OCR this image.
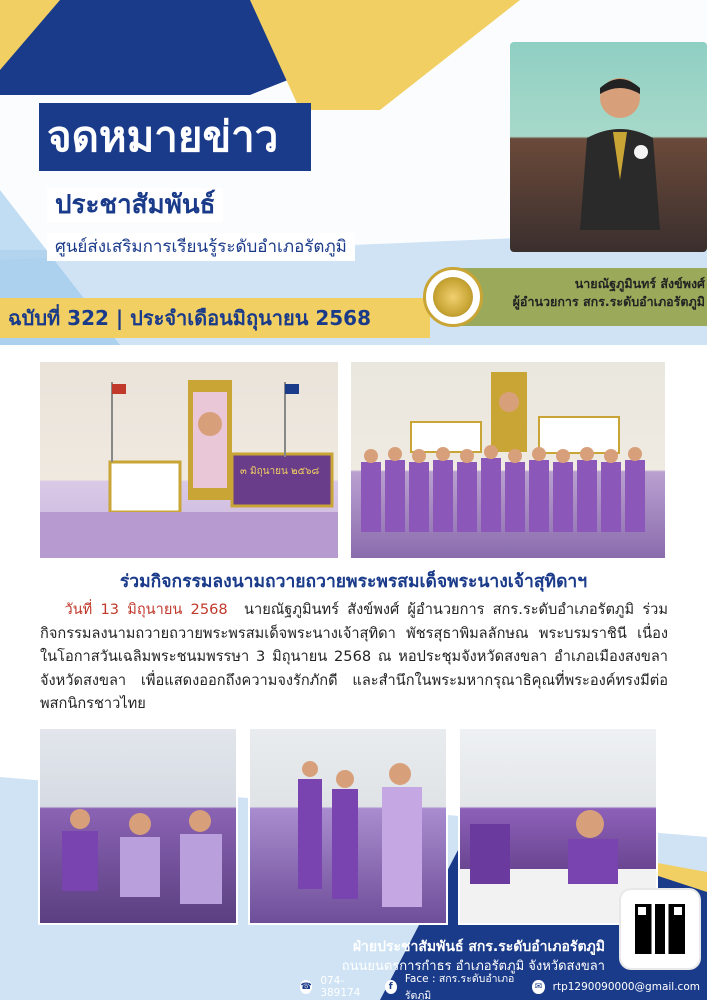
จดหมายข่าว
ประชาสัมพันธ์
ศูนย์ส่งเสริมการเรียนรู้ระดับอำเภอรัตภูมิ
ฉบับที่ 322 | ประจำเดือนมิถุนายน 2568
นายณัฐภูมินทร์ สังข์พงศ์
ผู้อำนวยการ สกร.ระดับอำเภอรัตภูมิ
๓ มิถุนายน ๒๕๖๘
ร่วมกิจกรรมลงนามถวายถวายพระพรสมเด็จพระนางเจ้าสุทิดาฯ
วันที่ 13 มิถุนายน 2568 นายณัฐภูมินทร์ สังข์พงศ์ ผู้อำนวยการ สกร.ระดับอำเภอรัตภูมิ ร่วมกิจกรรมลงนามถวายถวายพระพรสมเด็จพระนางเจ้าสุทิดา พัชรสุธาพิมลลักษณ พระบรมราชินี เนื่องในโอกาสวันเฉลิมพระชนมพรรษา 3 มิถุนายน 2568 ณ หอประชุมจังหวัดสงขลา อำเภอเมืองสงขลา จังหวัดสงขลา เพื่อแสดงออกถึงความจงรักภักดี และสำนึกในพระมหากรุณาธิคุณที่พระองค์ทรงมีต่อพสกนิกรชาวไทย
ฝ่ายประชาสัมพันธ์ สกร.ระดับอำเภอรัตภูมิ
ถนนยนตรการกำธร อำเภอรัตภูมิ จังหวัดสงขลา
☎ 074-389174	f
Face : สกร.ระดับอำเภอรัตภูมิ
✉ rtp1290090000@gmail.com
